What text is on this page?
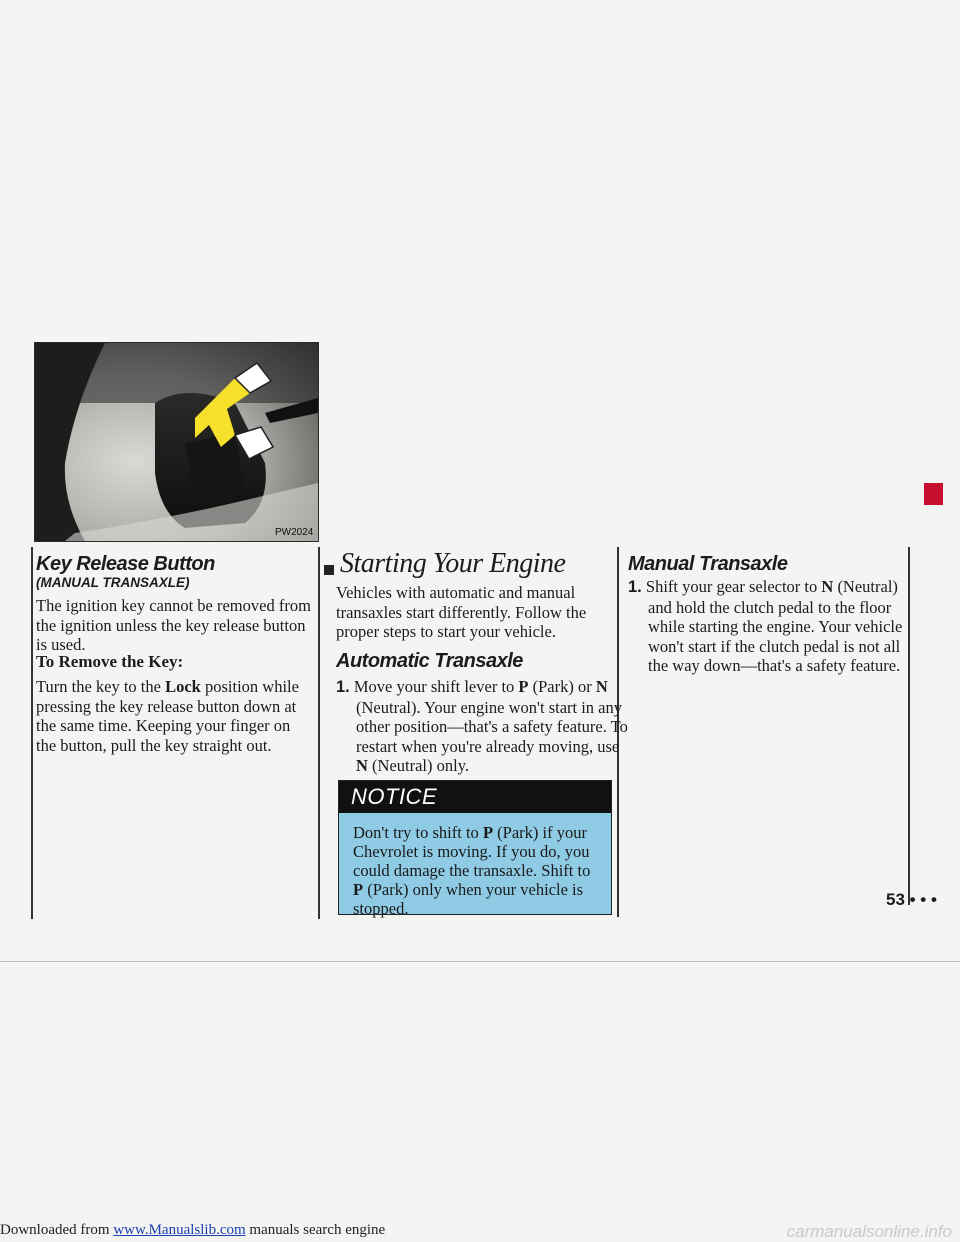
PW2024
Key Release Button
(MANUAL TRANSAXLE)
The ignition key cannot be removed from the ignition unless the key release button is used.
To Remove the Key:
Turn the key to the Lock position while pressing the key release button down at the same time. Keeping your finger on the button, pull the key straight out.
Starting Your Engine
Vehicles with automatic and manual transaxles start differently. Follow the proper steps to start your vehicle.
Automatic Transaxle
1. Move your shift lever to P (Park) or N (Neutral). Your engine won't start in any other position—that's a safety feature. To restart when you're already moving, use N (Neutral) only.
NOTICE
Don't try to shift to P (Park) if your Chevrolet is moving. If you do, you could damage the transaxle. Shift to P (Park) only when your vehicle is stopped.
Manual Transaxle
1. Shift your gear selector to N (Neutral) and hold the clutch pedal to the floor while starting the engine. Your vehicle won't start if the clutch pedal is not all the way down—that's a safety feature.
53 • • •
Downloaded from www.Manualslib.com manuals search engine	carmanualsonline.info
